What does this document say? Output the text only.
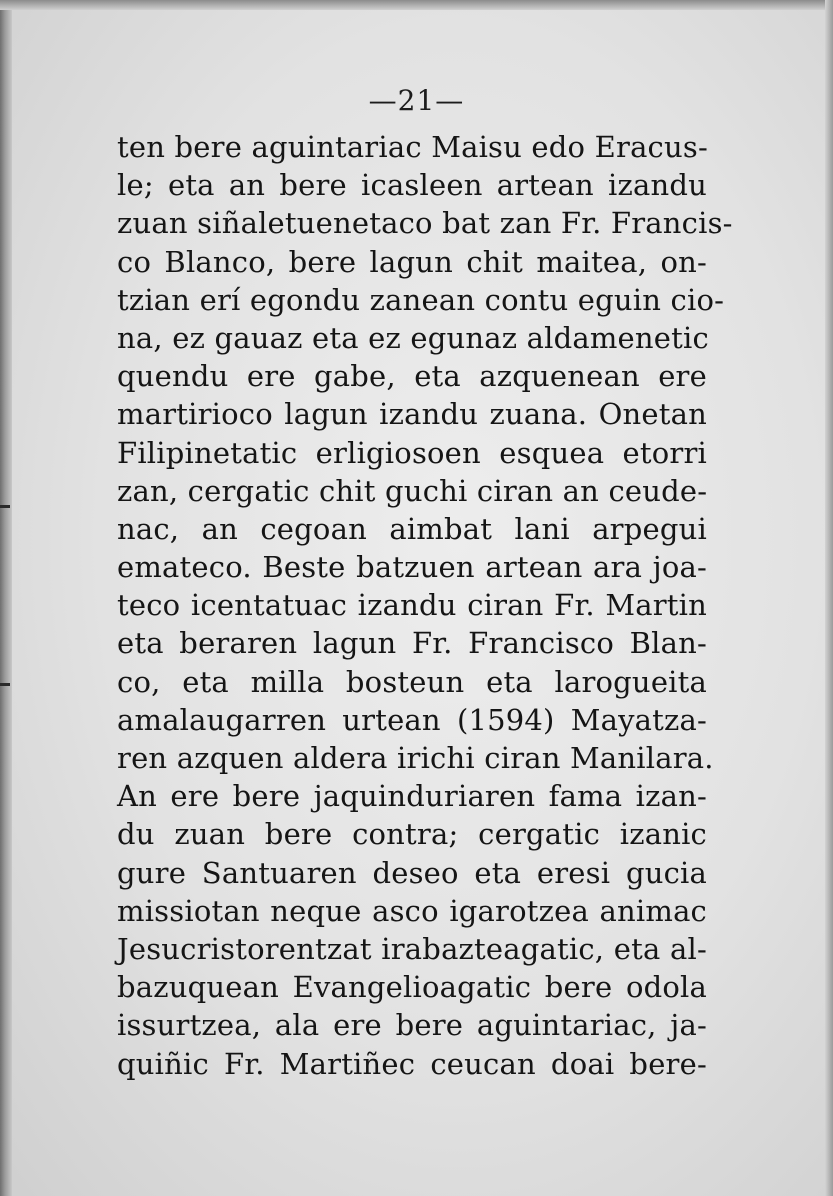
—21—
ten bere aguintariac Maisu edo Eracus-
le; eta an bere icasleen artean izandu
zuan siñaletuenetaco bat zan Fr. Francis-
co Blanco, bere lagun chit maitea, on-
tzian erí egondu zanean contu eguin cio-
na, ez gauaz eta ez egunaz aldamenetic
quendu ere gabe, eta azquenean ere
martirioco lagun izandu zuana. Onetan
Filipinetatic erligiosoen esquea etorri
zan, cergatic chit guchi ciran an ceude-
nac, an cegoan aimbat lani arpegui
emateco. Beste batzuen artean ara joa-
teco icentatuac izandu ciran Fr. Martin
eta beraren lagun Fr. Francisco Blan-
co, eta milla bosteun eta larogueita
amalaugarren urtean (1594) Mayatza-
ren azquen aldera irichi ciran Manilara.
An ere bere jaquinduriaren fama izan-
du zuan bere contra; cergatic izanic
gure Santuaren deseo eta eresi gucia
missiotan neque asco igarotzea animac
Jesucristorentzat irabazteagatic, eta al-
bazuquean Evangelioagatic bere odola
issurtzea, ala ere bere aguintariac, ja-
quiñic Fr. Martiñec ceucan doai bere-
